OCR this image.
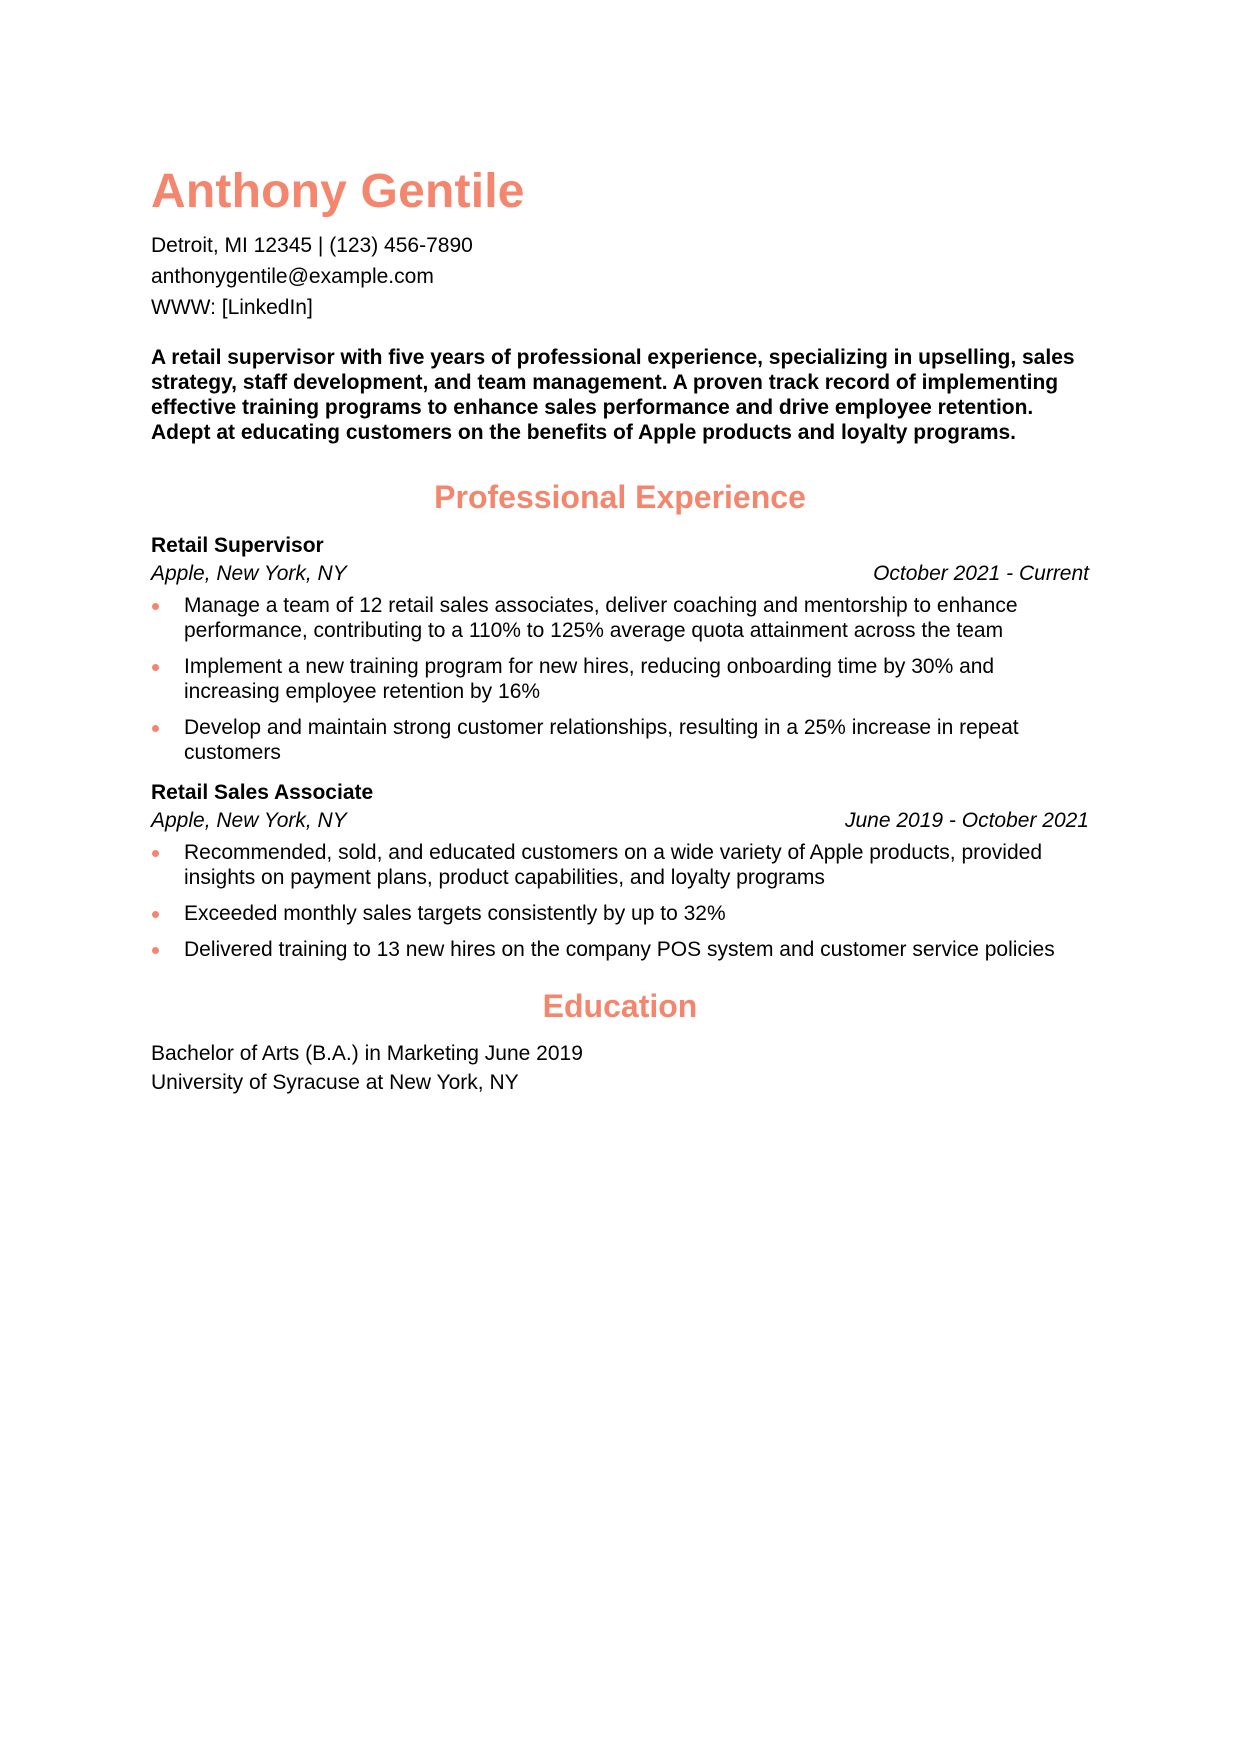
Anthony Gentile
Detroit, MI 12345 | (123) 456-7890
anthonygentile@example.com
WWW: [LinkedIn]
A retail supervisor with five years of professional experience, specializing in upselling, sales strategy, staff development, and team management. A proven track record of implementing effective training programs to enhance sales performance and drive employee retention. Adept at educating customers on the benefits of Apple products and loyalty programs.
Professional Experience
Retail Supervisor
Apple, New York, NY	October 2021 - Current
Manage a team of 12 retail sales associates, deliver coaching and mentorship to enhance performance, contributing to a 110% to 125% average quota attainment across the team
Implement a new training program for new hires, reducing onboarding time by 30% and increasing employee retention by 16%
Develop and maintain strong customer relationships, resulting in a 25% increase in repeat customers
Retail Sales Associate
Apple, New York, NY	June 2019 - October 2021
Recommended, sold, and educated customers on a wide variety of Apple products, provided insights on payment plans, product capabilities, and loyalty programs
Exceeded monthly sales targets consistently by up to 32%
Delivered training to 13 new hires on the company POS system and customer service policies
Education
Bachelor of Arts (B.A.) in Marketing June 2019
University of Syracuse at New York, NY
